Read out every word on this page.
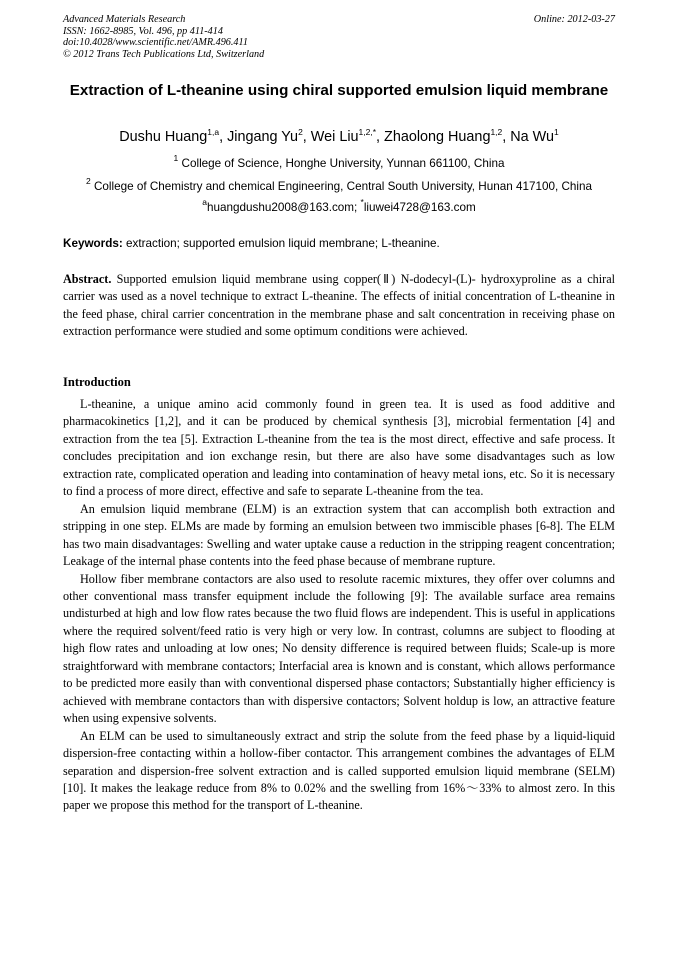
Advanced Materials Research
ISSN: 1662-8985, Vol. 496, pp 411-414
doi:10.4028/www.scientific.net/AMR.496.411
© 2012 Trans Tech Publications Ltd, Switzerland
Online: 2012-03-27
Extraction of L-theanine using chiral supported emulsion liquid membrane
Dushu Huang$^{1,a}$, Jingang Yu$^2$, Wei Liu$^{1,2,*}$, Zhaolong Huang$^{1,2}$, Na Wu$^1$
$^1$ College of Science, Honghe University, Yunnan 661100, China
$^2$ College of Chemistry and chemical Engineering, Central South University, Hunan 417100, China
$^a$huangdushu2008@163.com; *liuwei4728@163.com
Keywords: extraction; supported emulsion liquid membrane; L-theanine.
Abstract. Supported emulsion liquid membrane using copper(Ⅱ) N-dodecyl-(L)- hydroxyproline as a chiral carrier was used as a novel technique to extract L-theanine. The effects of initial concentration of L-theanine in the feed phase, chiral carrier concentration in the membrane phase and salt concentration in receiving phase on extraction performance were studied and some optimum conditions were achieved.
Introduction

L-theanine, a unique amino acid commonly found in green tea. It is used as food additive and pharmacokinetics [1,2], and it can be produced by chemical synthesis [3], microbial fermentation [4] and extraction from the tea [5]. Extraction L-theanine from the tea is the most direct, effective and safe process. It concludes precipitation and ion exchange resin, but there are also have some disadvantages such as low extraction rate, complicated operation and leading into contamination of heavy metal ions, etc. So it is necessary to find a process of more direct, effective and safe to separate L-theanine from the tea.

An emulsion liquid membrane (ELM) is an extraction system that can accomplish both extraction and stripping in one step. ELMs are made by forming an emulsion between two immiscible phases [6-8]. The ELM has two main disadvantages: Swelling and water uptake cause a reduction in the stripping reagent concentration; Leakage of the internal phase contents into the feed phase because of membrane rupture.

Hollow fiber membrane contactors are also used to resolute racemic mixtures, they offer over columns and other conventional mass transfer equipment include the following [9]: The available surface area remains undisturbed at high and low flow rates because the two fluid flows are independent. This is useful in applications where the required solvent/feed ratio is very high or very low. In contrast, columns are subject to flooding at high flow rates and unloading at low ones; No density difference is required between fluids; Scale-up is more straightforward with membrane contactors; Interfacial area is known and is constant, which allows performance to be predicted more easily than with conventional dispersed phase contactors; Substantially higher efficiency is achieved with membrane contactors than with dispersive contactors; Solvent holdup is low, an attractive feature when using expensive solvents.

An ELM can be used to simultaneously extract and strip the solute from the feed phase by a liquid-liquid dispersion-free contacting within a hollow-fiber contactor. This arrangement combines the advantages of ELM separation and dispersion-free solvent extraction and is called supported emulsion liquid membrane (SELM) [10]. It makes the leakage reduce from 8% to 0.02% and the swelling from 16%～33% to almost zero. In this paper we propose this method for the transport of L-theanine.
